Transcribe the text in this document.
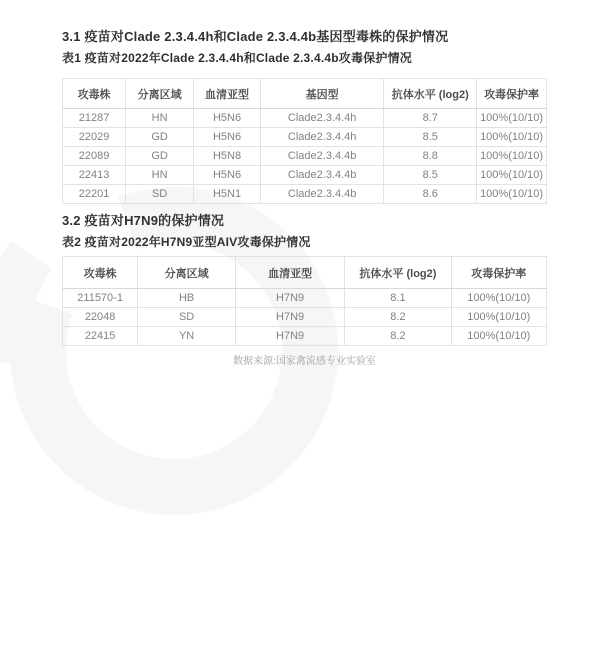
3.1 疫苗对Clade 2.3.4.4h和Clade 2.3.4.4b基因型毒株的保护情况
表1 疫苗对2022年Clade 2.3.4.4h和Clade 2.3.4.4b攻毒保护情况
攻毒株	分离区域	血清亚型	基因型	抗体水平 (log2)	攻毒保护率
21287	HN	H5N6	Clade2.3.4.4h	8.7	100%(10/10)
22029	GD	H5N6	Clade2.3.4.4h	8.5	100%(10/10)
22089	GD	H5N8	Clade2.3.4.4b	8.8	100%(10/10)
22413	HN	H5N6	Clade2.3.4.4b	8.5	100%(10/10)
22201	SD	H5N1	Clade2.3.4.4b	8.6	100%(10/10)
3.2 疫苗对H7N9的保护情况
表2 疫苗对2022年H7N9亚型AIV攻毒保护情况
攻毒株	分离区域	血清亚型	抗体水平 (log2)	攻毒保护率
211570-1	HB	H7N9	8.1	100%(10/10)
22048	SD	H7N9	8.2	100%(10/10)
22415	YN	H7N9	8.2	100%(10/10)
数据来源:国家禽流感专业实验室
